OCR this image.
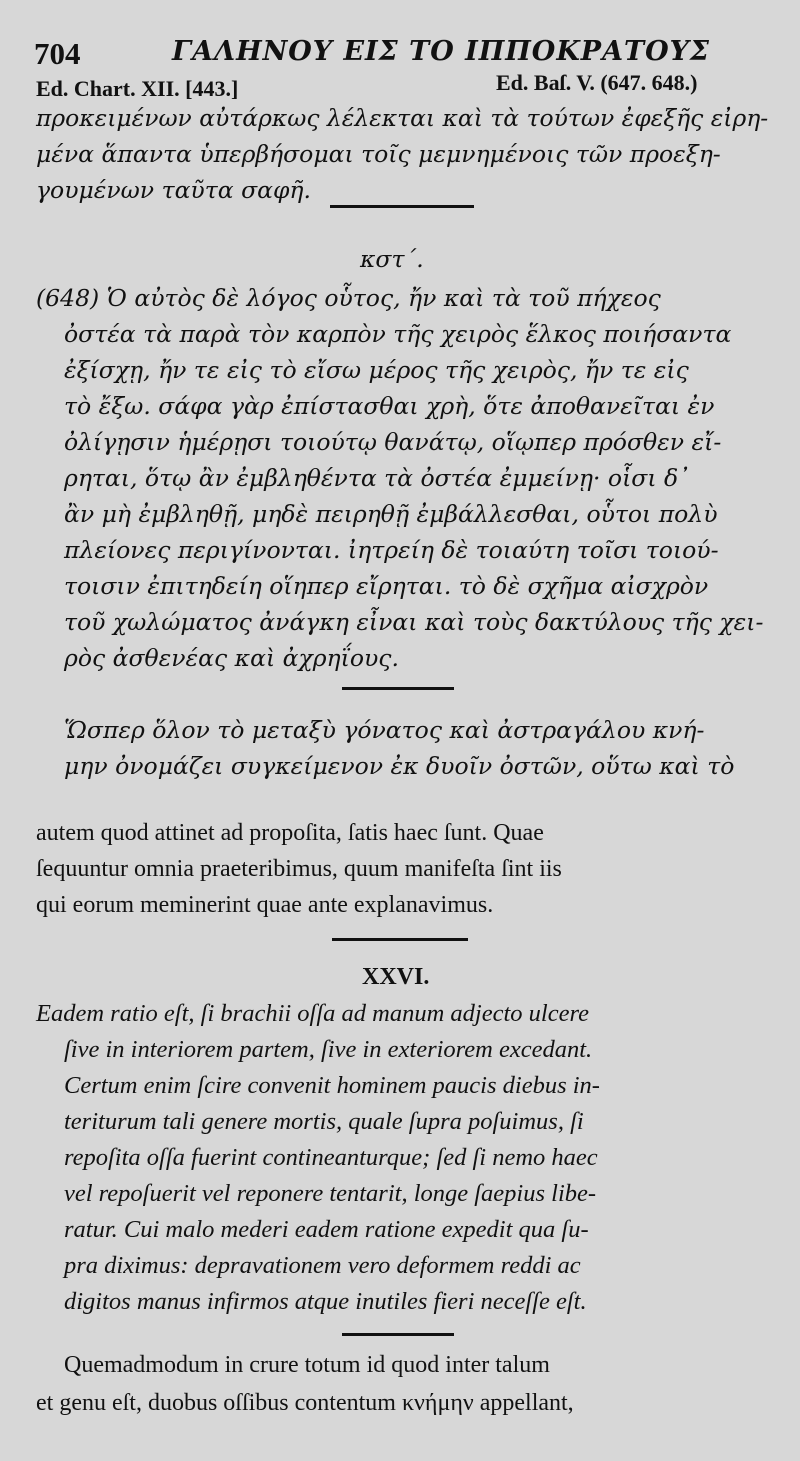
704	ΓΑΛΗΝΟΥ ΕΙΣ ΤΟ ΙΠΠΟΚΡΑΤΟΥΣ
Ed. Chart. XII. [443.]	Ed. Baſ. V. (647. 648.)
προκειμένων αὐτάρκως λέλεκται καὶ τὰ τούτων ἐφεξῆς εἰρη-
μένα ἅπαντα ὑπερβήσομαι τοῖς μεμνημένοις τῶν προεξη-
γουμένων ταῦτα σαφῆ.
κστ΄.
(648) Ὁ αὐτὸς δὲ λόγος οὗτος, ἤν καὶ τὰ τοῦ πήχεος
ὀστέα τὰ παρὰ τὸν καρπὸν τῆς χειρὸς ἕλκος ποιήσαντα
ἐξίσχῃ, ἤν τε εἰς τὸ εἴσω μέρος τῆς χειρὸς, ἤν τε εἰς
τὸ ἔξω. σάφα γὰρ ἐπίστασθαι χρὴ, ὅτε ἀποθανεῖται ἐν
ὀλίγῃσιν ἡμέρῃσι τοιούτῳ θανάτῳ, οἵῳπερ πρόσθεν εἴ-
ρηται, ὅτῳ ἂν ἐμβληθέντα τὰ ὀστέα ἐμμείνῃ· οἷσι δ᾽
ἂν μὴ ἐμβληθῇ, μηδὲ πειρηθῇ ἐμβάλλεσθαι, οὗτοι πολὺ
πλείονες περιγίνονται. ἰητρείη δὲ τοιαύτη τοῖσι τοιού-
τοισιν ἐπιτηδείη οἵηπερ εἴρηται. τὸ δὲ σχῆμα αἰσχρὸν
τοῦ χωλώματος ἀνάγκη εἶναι καὶ τοὺς δακτύλους τῆς χει-
ρὸς ἀσθενέας καὶ ἀχρηΐους.
Ὥσπερ ὅλον τὸ μεταξὺ γόνατος καὶ ἀστραγάλου κνή-
μην ὀνομάζει συγκείμενον ἐκ δυοῖν ὀστῶν, οὕτω καὶ τὸ
autem quod attinet ad propoſita, ſatis haec ſunt. Quae
ſequuntur omnia praeteribimus, quum manifeſta ſint iis
qui eorum meminerint quae ante explanavimus.
XXVI.
Eadem ratio eſt, ſi brachii oſſa ad manum adjecto ulcere
ſive in interiorem partem, ſive in exteriorem excedant.
Certum enim ſcire convenit hominem paucis diebus in-
teriturum tali genere mortis, quale ſupra poſuimus, ſi
repoſita oſſa fuerint contineanturque; ſed ſi nemo haec
vel repoſuerit vel reponere tentarit, longe ſaepius libe-
ratur. Cui malo mederi eadem ratione expedit qua ſu-
pra diximus: depravationem vero deformem reddi ac
digitos manus infirmos atque inutiles fieri neceſſe eſt.
Quemadmodum in crure totum id quod inter talum
et genu eſt, duobus oſſibus contentum κνήμην appellant,
